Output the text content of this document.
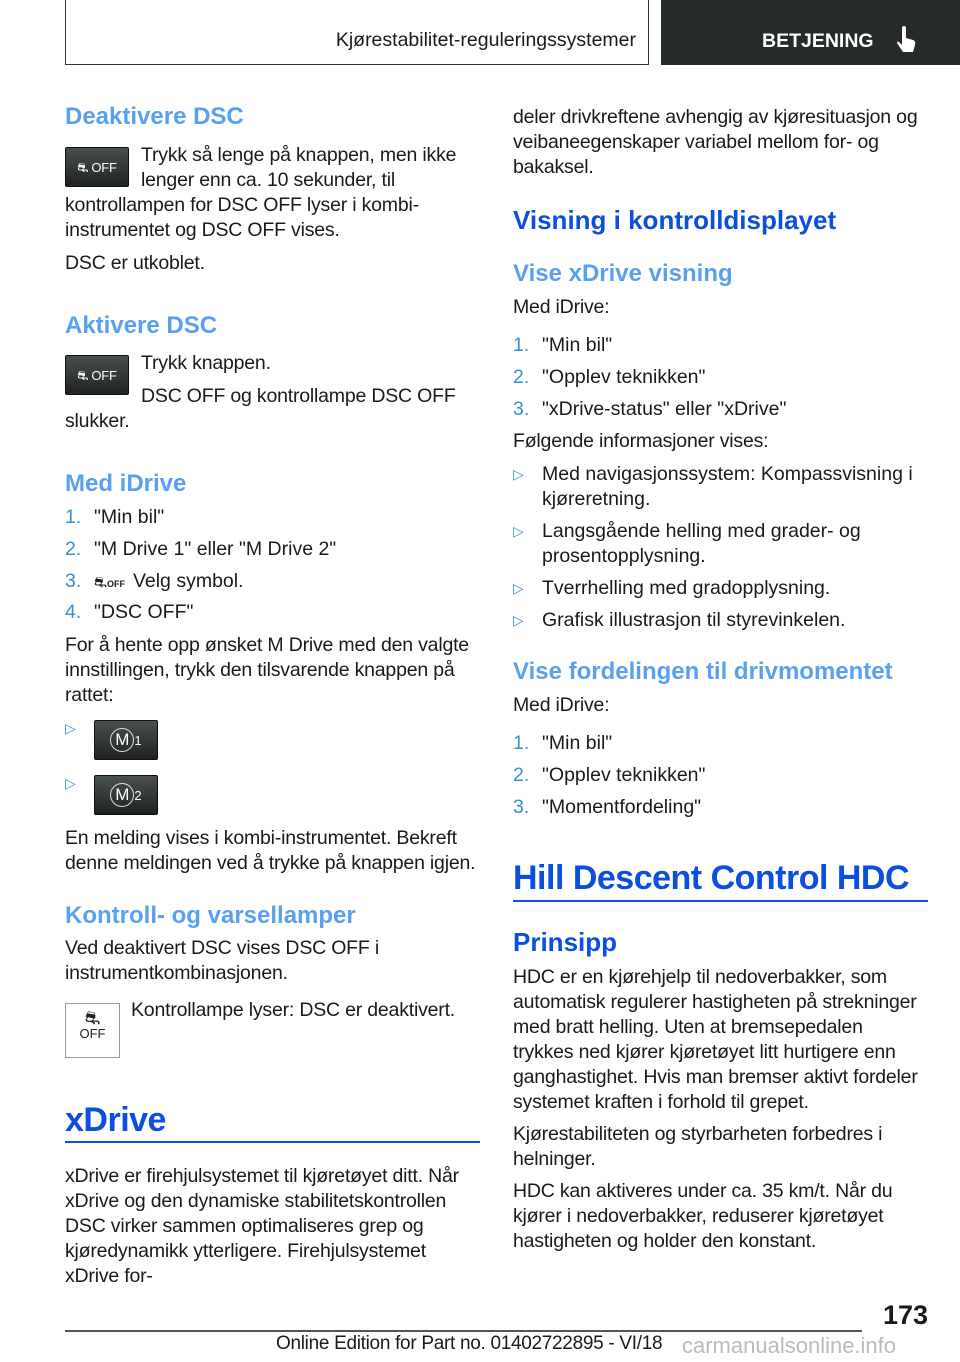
Kjørestabilitet-reguleringssystemer	BETJENING
Deaktivere DSC
⛐ OFF
Trykk så lenge på knappen, men ikke lenger enn ca. 10 sekunder, til kontrollampen for DSC OFF lyser i kombi-instrumentet og DSC OFF vises.
DSC er utkoblet.
Aktivere DSC
⛐ OFF
Trykk knappen.
DSC OFF og kontrollampe DSC OFF slukker.
Med iDrive
1. "Min bil"
2. "M Drive 1" eller "M Drive 2"
3. ⛐OFF Velg symbol.
4. "DSC OFF"
For å hente opp ønsket M Drive med den valgte innstillingen, trykk den tilsvarende knappen på rattet:
▷
M 1
▷
M 2
En melding vises i kombi-instrumentet. Bekreft denne meldingen ved å trykke på knappen igjen.
Kontroll- og varsellamper
Ved deaktivert DSC vises DSC OFF i instrumentkombinasjonen.
⛐
OFF
Kontrollampe lyser: DSC er deaktivert.
xDrive
xDrive er firehjulsystemet til kjøretøyet ditt. Når xDrive og den dynamiske stabilitetskontrollen DSC virker sammen optimaliseres grep og kjøredynamikk ytterligere. Firehjulsystemet xDrive for-
deler drivkreftene avhengig av kjøresituasjon og veibaneegenskaper variabel mellom for- og bakaksel.
Visning i kontrolldisplayet
Vise xDrive visning
Med iDrive:
1. "Min bil"
2. "Opplev teknikken"
3. "xDrive-status" eller "xDrive"
Følgende informasjoner vises:
▷ Med navigasjonssystem: Kompassvisning i kjøreretning.
▷ Langsgående helling med grader- og prosentopplysning.
▷ Tverrhelling med gradopplysning.
▷ Grafisk illustrasjon til styrevinkelen.
Vise fordelingen til drivmomentet
Med iDrive:
1. "Min bil"
2. "Opplev teknikken"
3. "Momentfordeling"
Hill Descent Control HDC
Prinsipp
HDC er en kjørehjelp til nedoverbakker, som automatisk regulerer hastigheten på strekninger med bratt helling. Uten at bremsepedalen trykkes ned kjører kjøretøyet litt hurtigere enn ganghastighet. Hvis man bremser aktivt fordeler systemet kraften i forhold til grepet.
Kjørestabiliteten og styrbarheten forbedres i helninger.
HDC kan aktiveres under ca. 35 km/t. Når du kjører i nedoverbakker, reduserer kjøretøyet hastigheten og holder den konstant.
173
Online Edition for Part no. 01402722895 - VI/18 carmanualsonline.info
